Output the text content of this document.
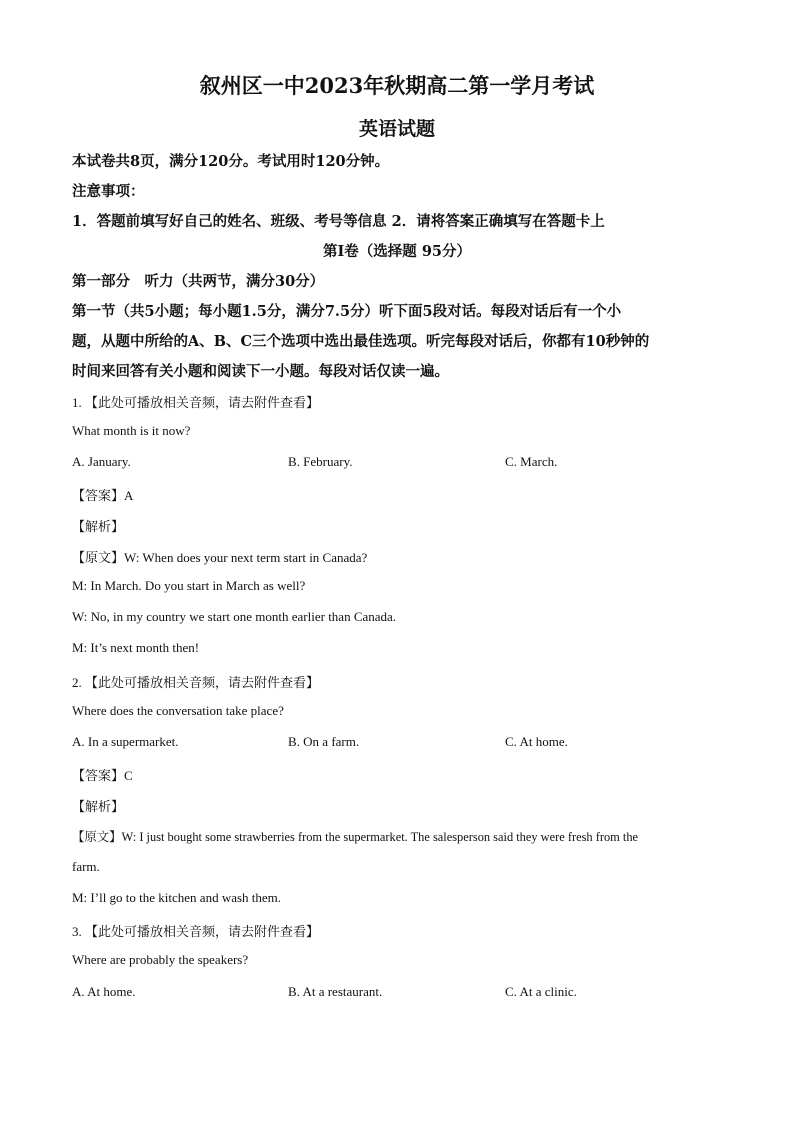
叙州区一中2023年秋期高二第一学月考试
英语试题
本试卷共8页，满分120分。考试用时120分钟。
注意事项：
1．答题前填写好自己的姓名、班级、考号等信息 2．请将答案正确填写在答题卡上
第I卷（选择题 95分）
第一部分　听力（共两节，满分30分）
第一节（共5小题；每小题1.5分，满分7.5分）听下面5段对话。每段对话后有一个小
题，从题中所给的A、B、C三个选项中选出最佳选项。听完每段对话后，你都有10秒钟的
时间来回答有关小题和阅读下一小题。每段对话仅读一遍。
1. 【此处可播放相关音频，请去附件查看】
What month is it now?
A. January.	B. February.	C. March.
【答案】A
【解析】
【原文】W: When does your next term start in Canada?
M: In March. Do you start in March as well?
W: No, in my country we start one month earlier than Canada.
M: It’s next month then!
2. 【此处可播放相关音频，请去附件查看】
Where does the conversation take place?
A. In a supermarket.	B. On a farm.	C. At home.
【答案】C
【解析】
【原文】W: I just bought some strawberries from the supermarket. The salesperson said they were fresh from the
farm.
M: I’ll go to the kitchen and wash them.
3. 【此处可播放相关音频，请去附件查看】
Where are probably the speakers?
A. At home.	B. At a restaurant.	C. At a clinic.
